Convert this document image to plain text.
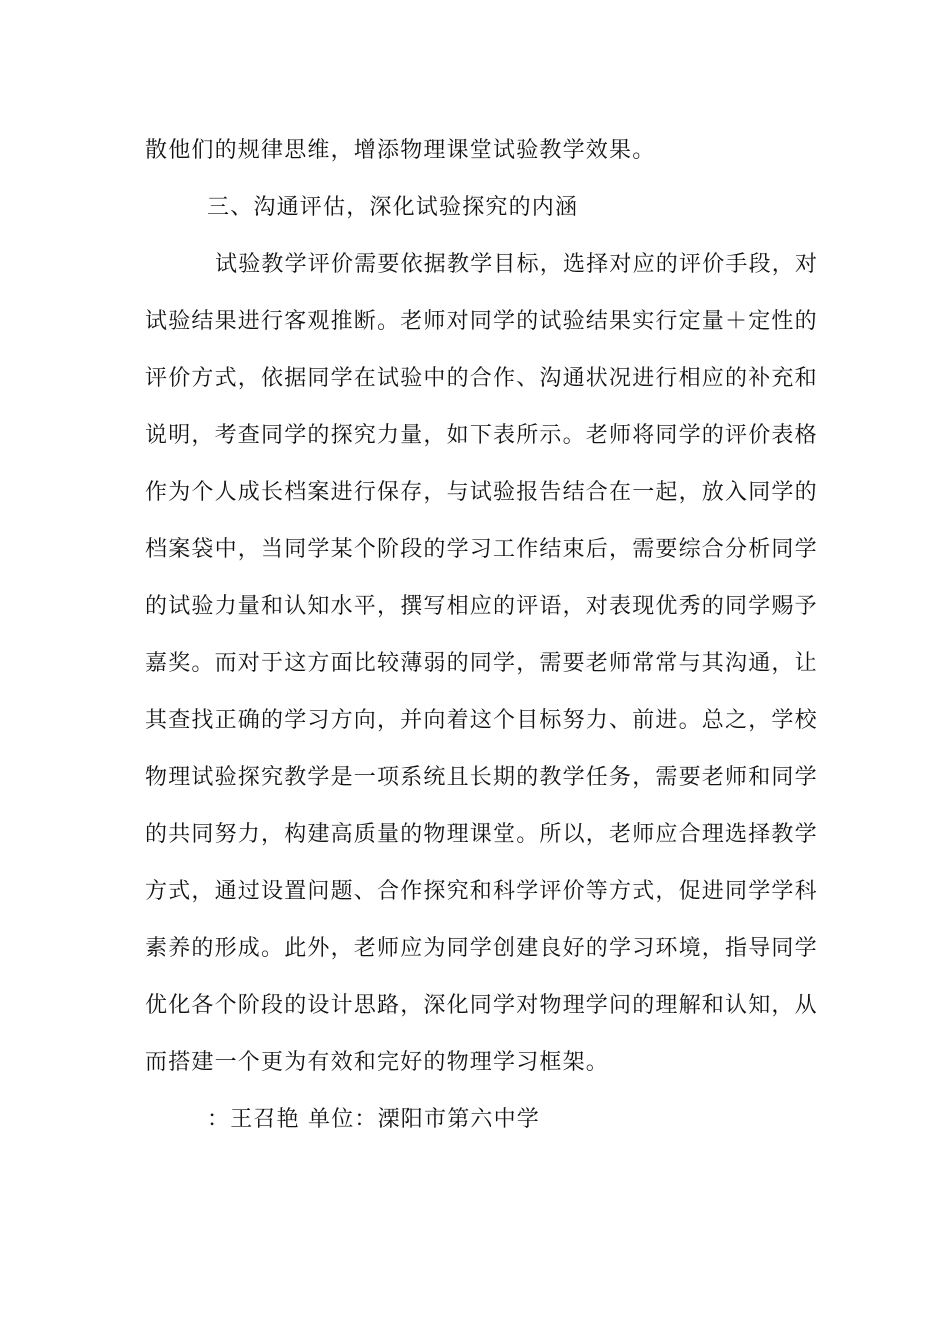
散他们的规律思维，增添物理课堂试验教学效果。
三、沟通评估，深化试验探究的内涵
试验教学评价需要依据教学目标，选择对应的评价手段，对
试验结果进行客观推断。老师对同学的试验结果实行定量＋定性的
评价方式，依据同学在试验中的合作、沟通状况进行相应的补充和
说明，考查同学的探究力量，如下表所示。老师将同学的评价表格
作为个人成长档案进行保存，与试验报告结合在一起，放入同学的
档案袋中，当同学某个阶段的学习工作结束后，需要综合分析同学
的试验力量和认知水平，撰写相应的评语，对表现优秀的同学赐予
嘉奖。而对于这方面比较薄弱的同学，需要老师常常与其沟通，让
其查找正确的学习方向，并向着这个目标努力、前进。总之，学校
物理试验探究教学是一项系统且长期的教学任务，需要老师和同学
的共同努力，构建高质量的物理课堂。所以，老师应合理选择教学
方式，通过设置问题、合作探究和科学评价等方式，促进同学学科
素养的形成。此外，老师应为同学创建良好的学习环境，指导同学
优化各个阶段的设计思路，深化同学对物理学问的理解和认知，从
而搭建一个更为有效和完好的物理学习框架。
：王召艳 单位：溧阳市第六中学
